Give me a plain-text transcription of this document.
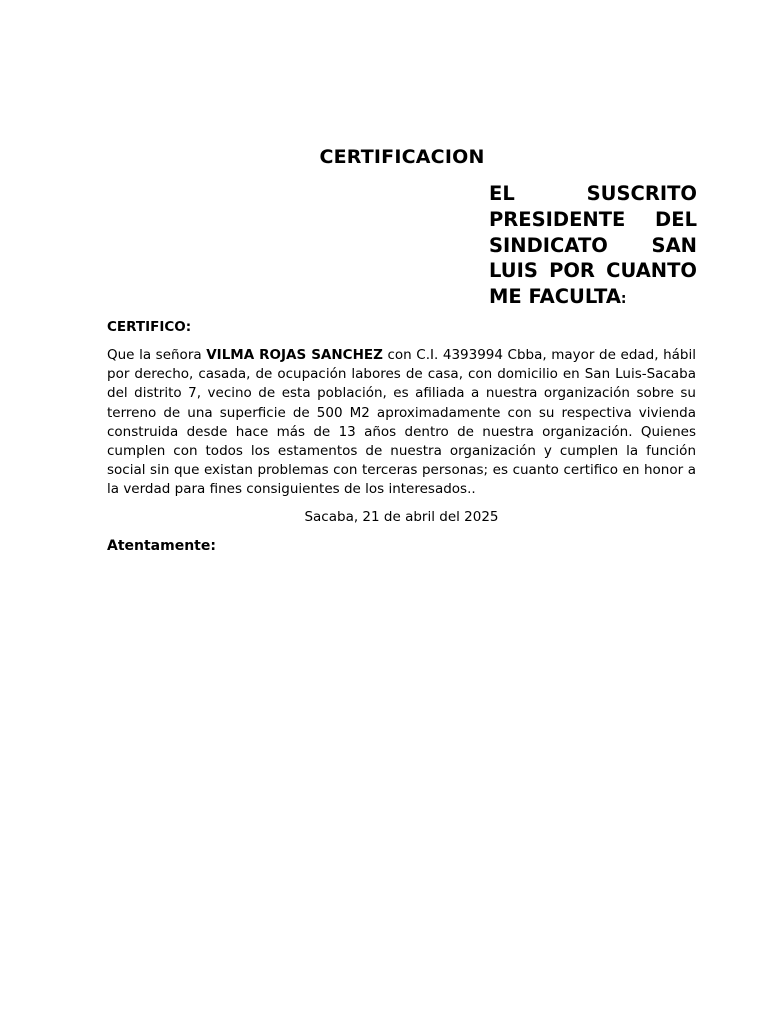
CERTIFICACION
EL SUSCRITO PRESIDENTE DEL SINDICATO SAN LUIS POR CUANTO ME FACULTA:
CERTIFICO:
Que la señora VILMA ROJAS SANCHEZ con C.I. 4393994 Cbba, mayor de edad, hábil por derecho, casada, de ocupación labores de casa, con domicilio en San Luis-Sacaba del distrito 7, vecino de esta población, es afiliada a nuestra organización sobre su terreno de una superficie de 500 M2 aproximadamente con su respectiva vivienda construida desde hace más de 13 años dentro de nuestra organización. Quienes cumplen con todos los estamentos de nuestra organización y cumplen la función social sin que existan problemas con terceras personas; es cuanto certifico en honor a la verdad para fines consiguientes de los interesados..
Sacaba, 21 de abril del 2025
Atentamente:
